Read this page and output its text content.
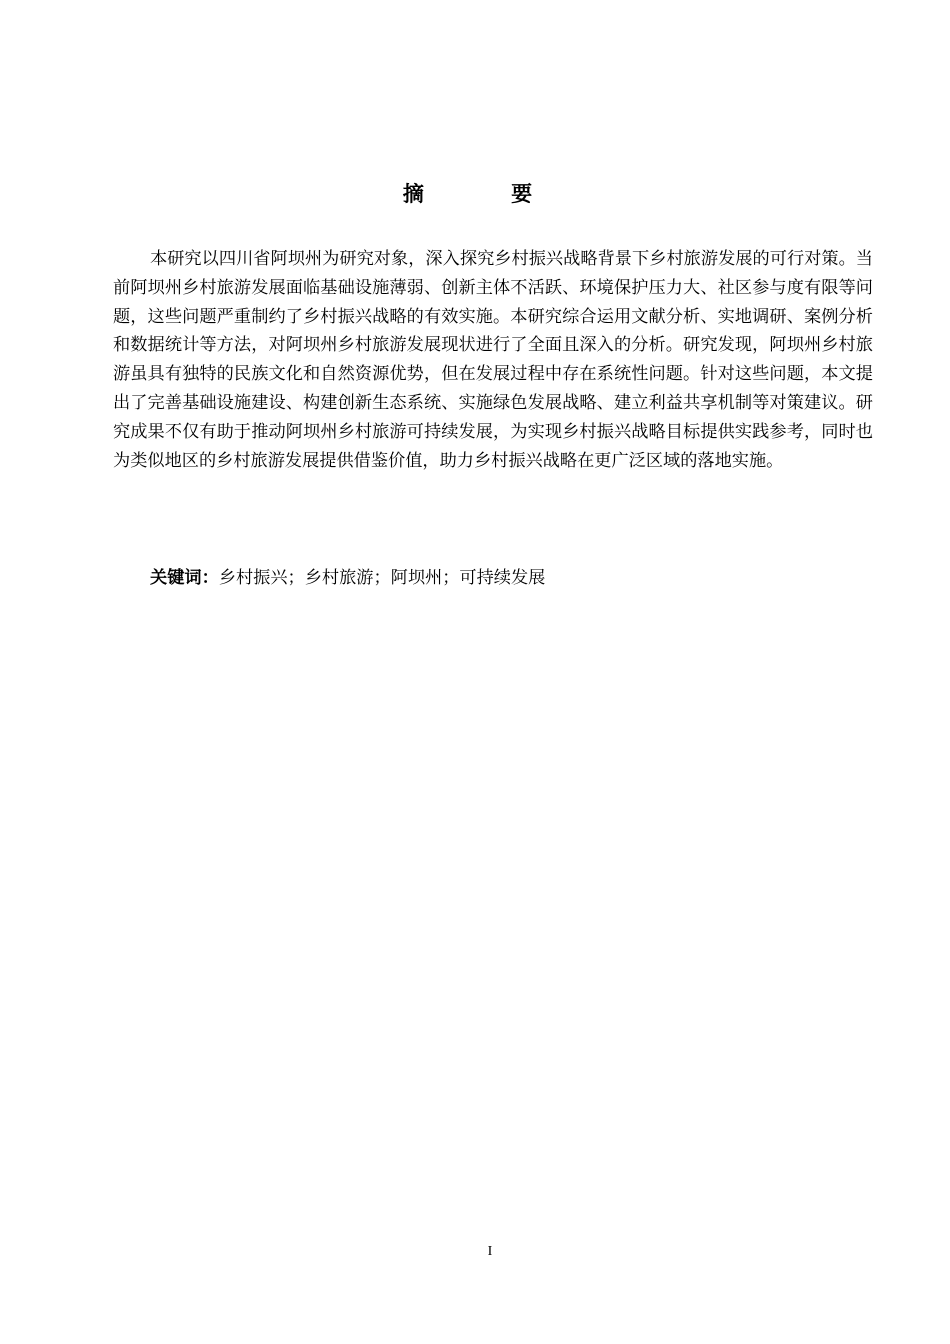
摘 要

本研究以四川省阿坝州为研究对象，深入探究乡村振兴战略背景下乡村旅游发展的可行对策。当前阿坝州乡村旅游发展面临基础设施薄弱、创新主体不活跃、环境保护压力大、社区参与度有限等问题，这些问题严重制约了乡村振兴战略的有效实施。本研究综合运用文献分析、实地调研、案例分析和数据统计等方法，对阿坝州乡村旅游发展现状进行了全面且深入的分析。研究发现，阿坝州乡村旅游虽具有独特的民族文化和自然资源优势，但在发展过程中存在系统性问题。针对这些问题，本文提出了完善基础设施建设、构建创新生态系统、实施绿色发展战略、建立利益共享机制等对策建议。研究成果不仅有助于推动阿坝州乡村旅游可持续发展，为实现乡村振兴战略目标提供实践参考，同时也为类似地区的乡村旅游发展提供借鉴价值，助力乡村振兴战略在更广泛区域的落地实施。

关键词：乡村振兴；乡村旅游；阿坝州；可持续发展

I
